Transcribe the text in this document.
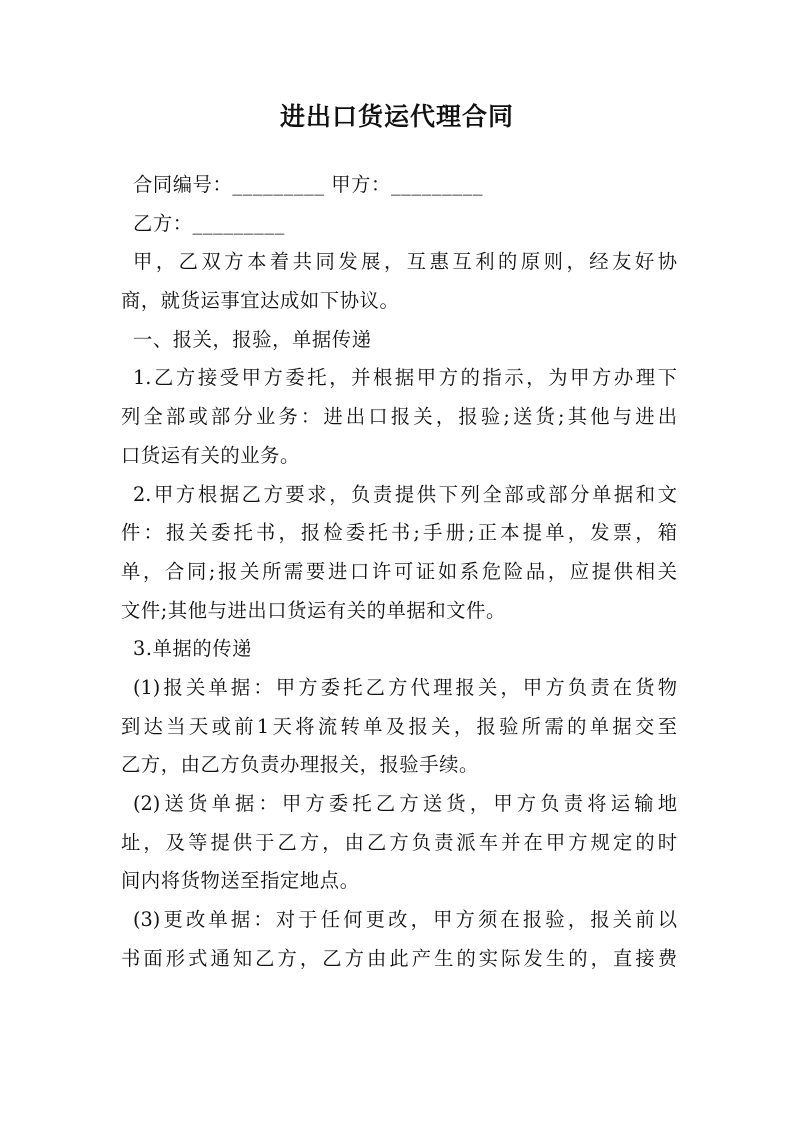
进出口货运代理合同
合同编号：_________ 甲方：_________
乙方：_________
甲，乙双方本着共同发展，互惠互利的原则，经友好协
商，就货运事宜达成如下协议。
一、报关，报验，单据传递
1.乙方接受甲方委托，并根据甲方的指示，为甲方办理下
列全部或部分业务：进出口报关，报验;送货;其他与进出
口货运有关的业务。
2.甲方根据乙方要求，负责提供下列全部或部分单据和文
件：报关委托书，报检委托书;手册;正本提单，发票，箱
单，合同;报关所需要进口许可证如系危险品，应提供相关
文件;其他与进出口货运有关的单据和文件。
3.单据的传递
(1)报关单据：甲方委托乙方代理报关，甲方负责在货物
到达当天或前1天将流转单及报关，报验所需的单据交至
乙方，由乙方负责办理报关，报验手续。
(2)送货单据：甲方委托乙方送货，甲方负责将运输地
址，及等提供于乙方，由乙方负责派车并在甲方规定的时
间内将货物送至指定地点。
(3)更改单据：对于任何更改，甲方须在报验，报关前以
书面形式通知乙方，乙方由此产生的实际发生的，直接费
